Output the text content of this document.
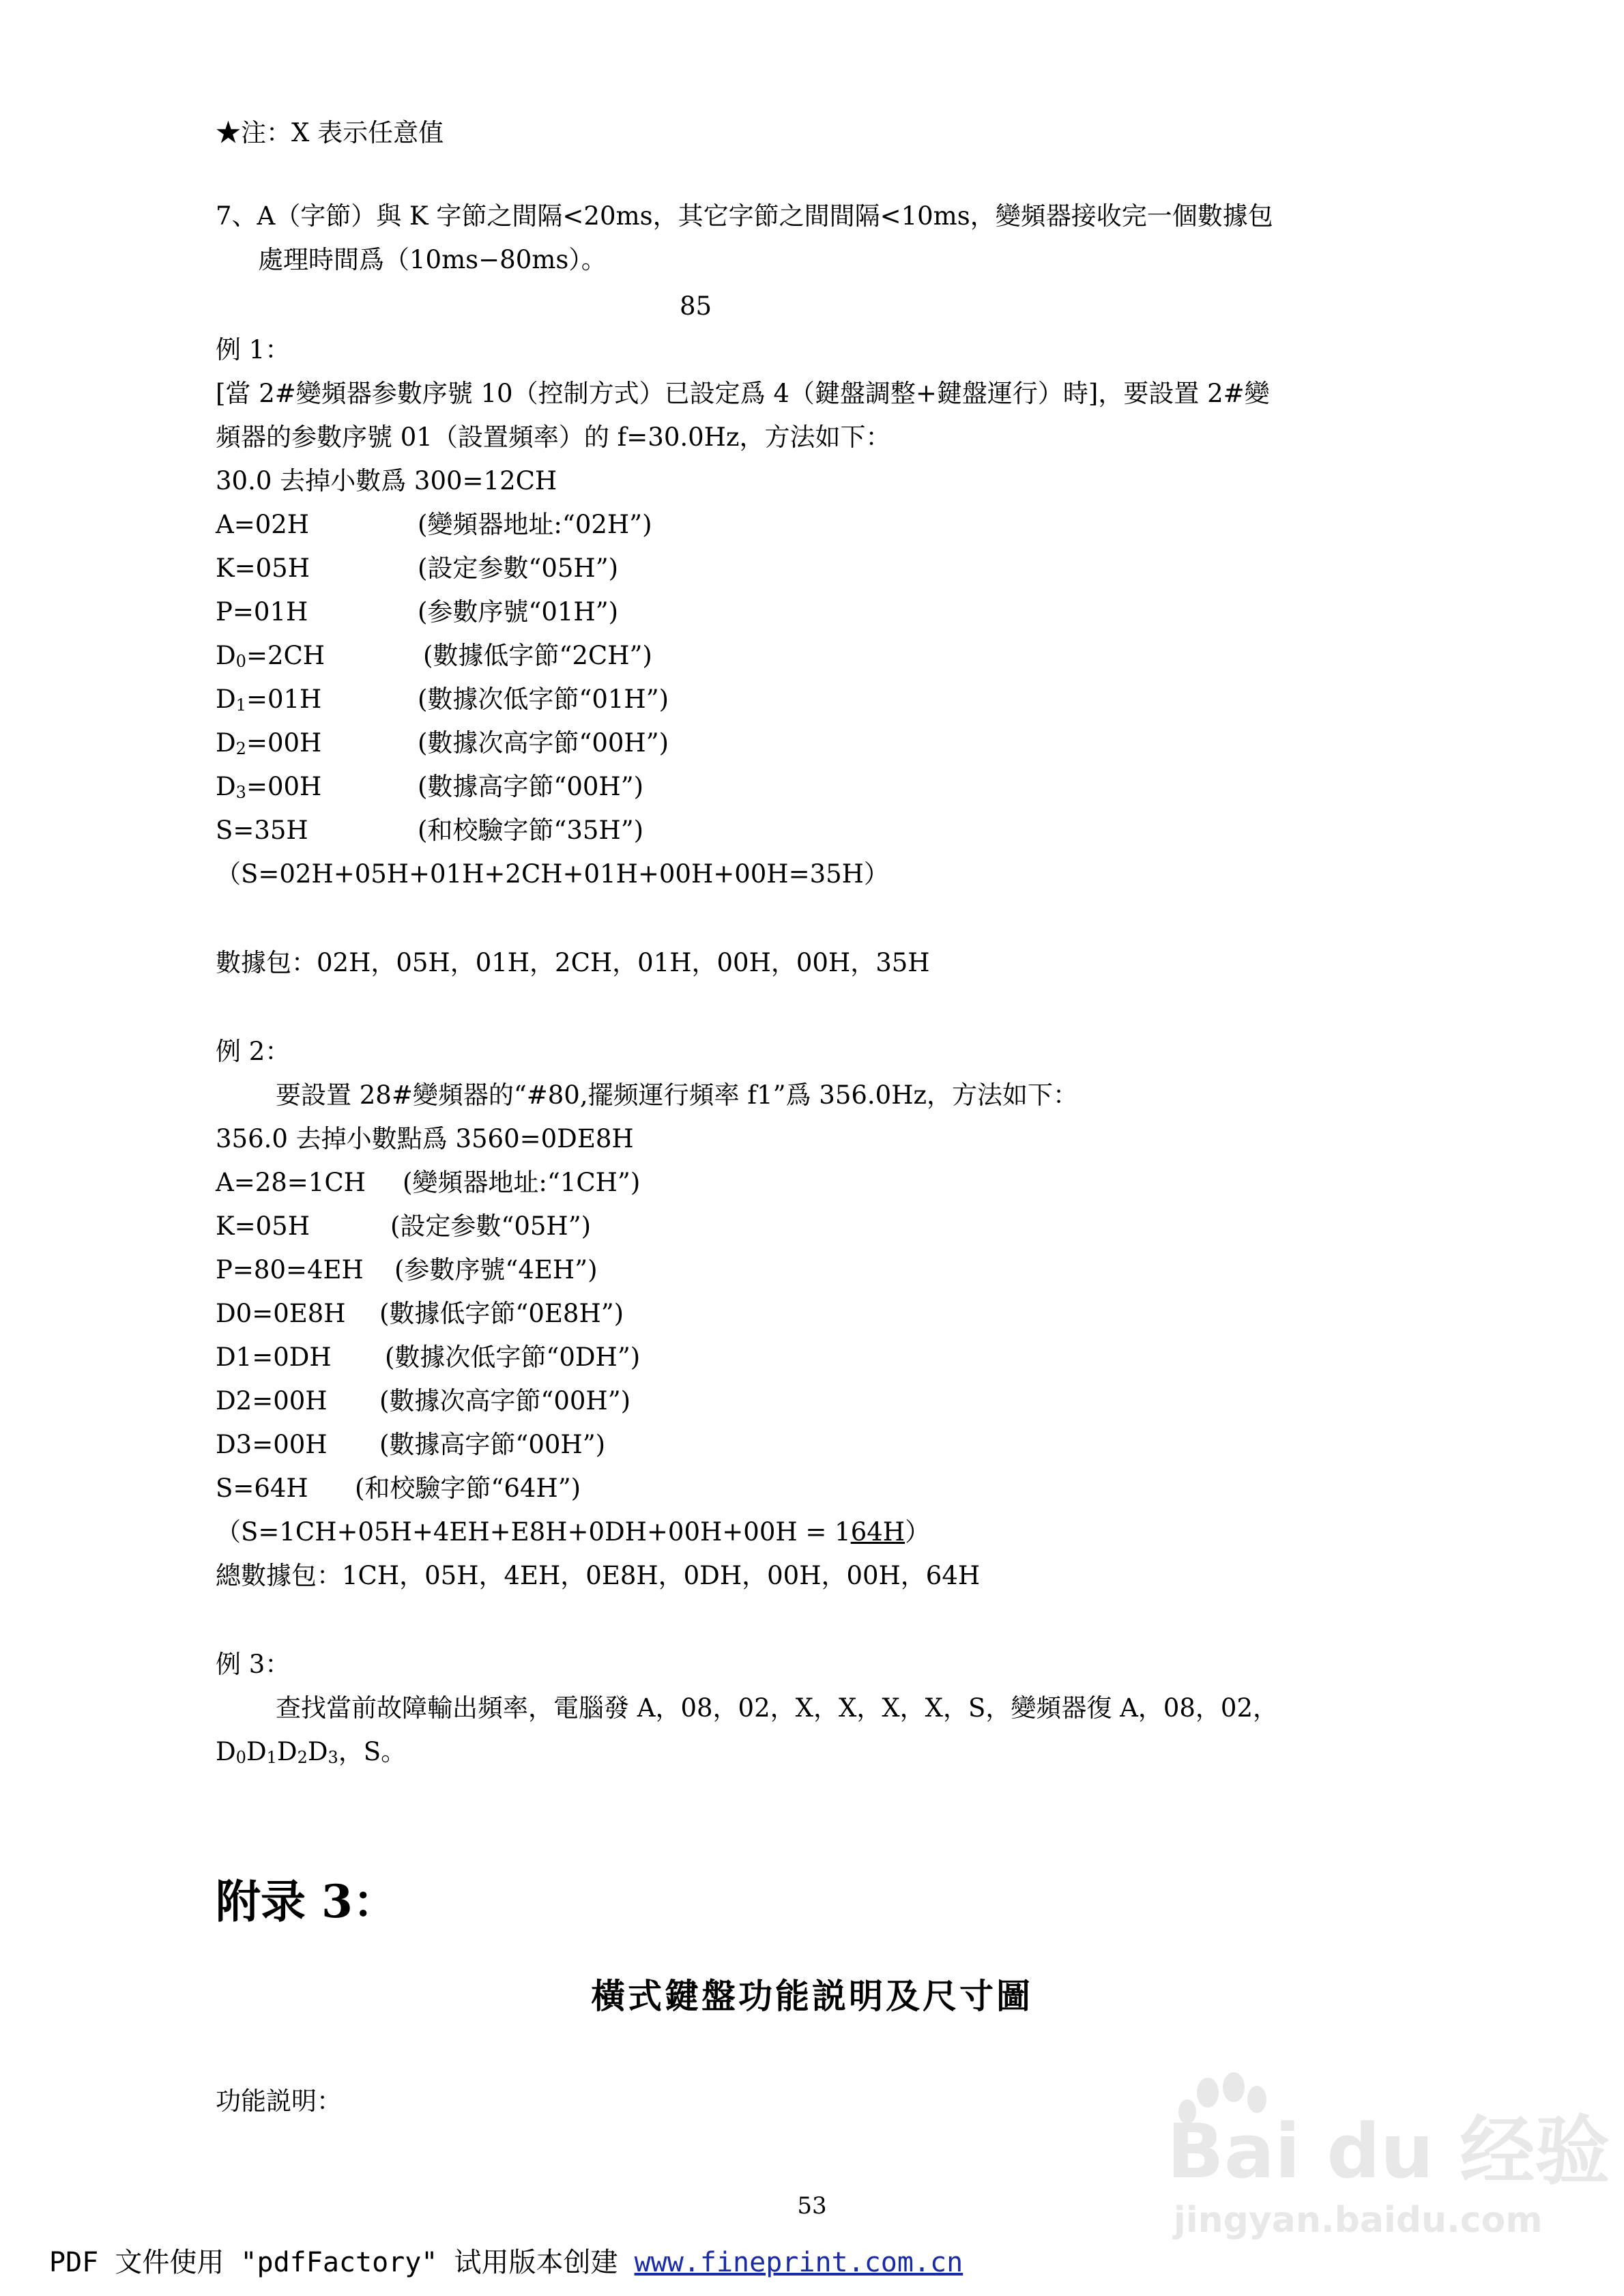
★注：X 表示任意值
7、A（字節）與 K 字節之間隔<20ms，其它字節之間間隔<10ms，變頻器接收完一個數據包
處理時間爲（10ms−80ms）。
85
例 1：
[當 2#變頻器参數序號 10（控制方式）已設定爲 4（鍵盤調整+鍵盤運行）時]，要設置 2#變
頻器的参數序號 01（設置頻率）的 f=30.0Hz，方法如下：
30.0 去掉小數爲 300=12CH
A=02H	(變頻器地址:“02H”)
K=05H	(設定参數“05H”)
P=01H	(参數序號“01H”)
$D_0=2CH$	(數據低字節“2CH”)
$D_1=01H$	(數據次低字節“01H”)
$D_2=00H$	(數據次高字節“00H”)
$D_3=00H$	(數據高字節“00H”)
S=35H	(和校驗字節“35H”)
（S=02H+05H+01H+2CH+01H+00H+00H=35H）
數據包：02H，05H，01H，2CH，01H，00H，00H，35H
例 2：
要設置 28#變頻器的“#80,擺频運行頻率 f1”爲 356.0Hz，方法如下：
356.0 去掉小數點爲 3560=0DE8H
A=28=1CH (變頻器地址:“1CH”)
K=05H	(設定参數“05H”)
P=80=4EH (参數序號“4EH”)
D0=0E8H (數據低字節“0E8H”)
D1=0DH (數據次低字節“0DH”)
D2=00H (數據次高字節“00H”)
D3=00H (數據高字節“00H”)
S=64H (和校驗字節“64H”)
（S=1CH+05H+4EH+E8H+0DH+00H+00H = 164H）
總數據包：1CH，05H，4EH，0E8H，0DH，00H，00H，64H
例 3：
查找當前故障輸出頻率，電腦發 A，08，02，X，X，X，X，S，變頻器復 A，08，02，
$D_0D_1D_2D_3$，S。
附录 3：
橫式鍵盤功能説明及尺寸圖
功能説明：
53
Bai du 经验
jingyan.baidu.com
PDF 文件使用 "pdfFactory" 试用版本创建 www.fineprint.com.cn
